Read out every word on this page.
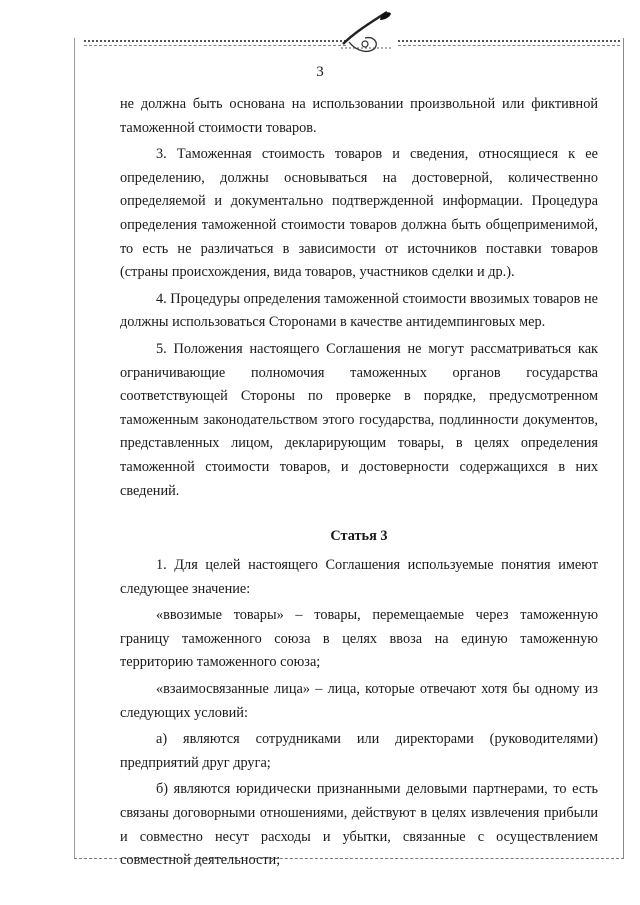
3

не должна быть основана на использовании произвольной или фиктивной таможенной стоимости товаров.

3. Таможенная стоимость товаров и сведения, относящиеся к ее определению, должны основываться на достоверной, количественно определяемой и документально подтвержденной информации. Процедура определения таможенной стоимости товаров должна быть общеприменимой, то есть не различаться в зависимости от источников поставки товаров (страны происхождения, вида товаров, участников сделки и др.).

4. Процедуры определения таможенной стоимости ввозимых товаров не должны использоваться Сторонами в качестве антидемпинговых мер.

5. Положения настоящего Соглашения не могут рассматриваться как ограничивающие полномочия таможенных органов государства соответствующей Стороны по проверке в порядке, предусмотренном таможенным законодательством этого государства, подлинности документов, представленных лицом, декларирующим товары, в целях определения таможенной стоимости товаров, и достоверности содержащихся в них сведений.

Статья 3

1. Для целей настоящего Соглашения используемые понятия имеют следующее значение:

«ввозимые товары» – товары, перемещаемые через таможенную границу таможенного союза в целях ввоза на единую таможенную территорию таможенного союза;

«взаимосвязанные лица» – лица, которые отвечают хотя бы одному из следующих условий:

а) являются сотрудниками или директорами (руководителями) предприятий друг друга;

б) являются юридически признанными деловыми партнерами, то есть связаны договорными отношениями, действуют в целях извлечения прибыли и совместно несут расходы и убытки, связанные с осуществлением совместной деятельности;
